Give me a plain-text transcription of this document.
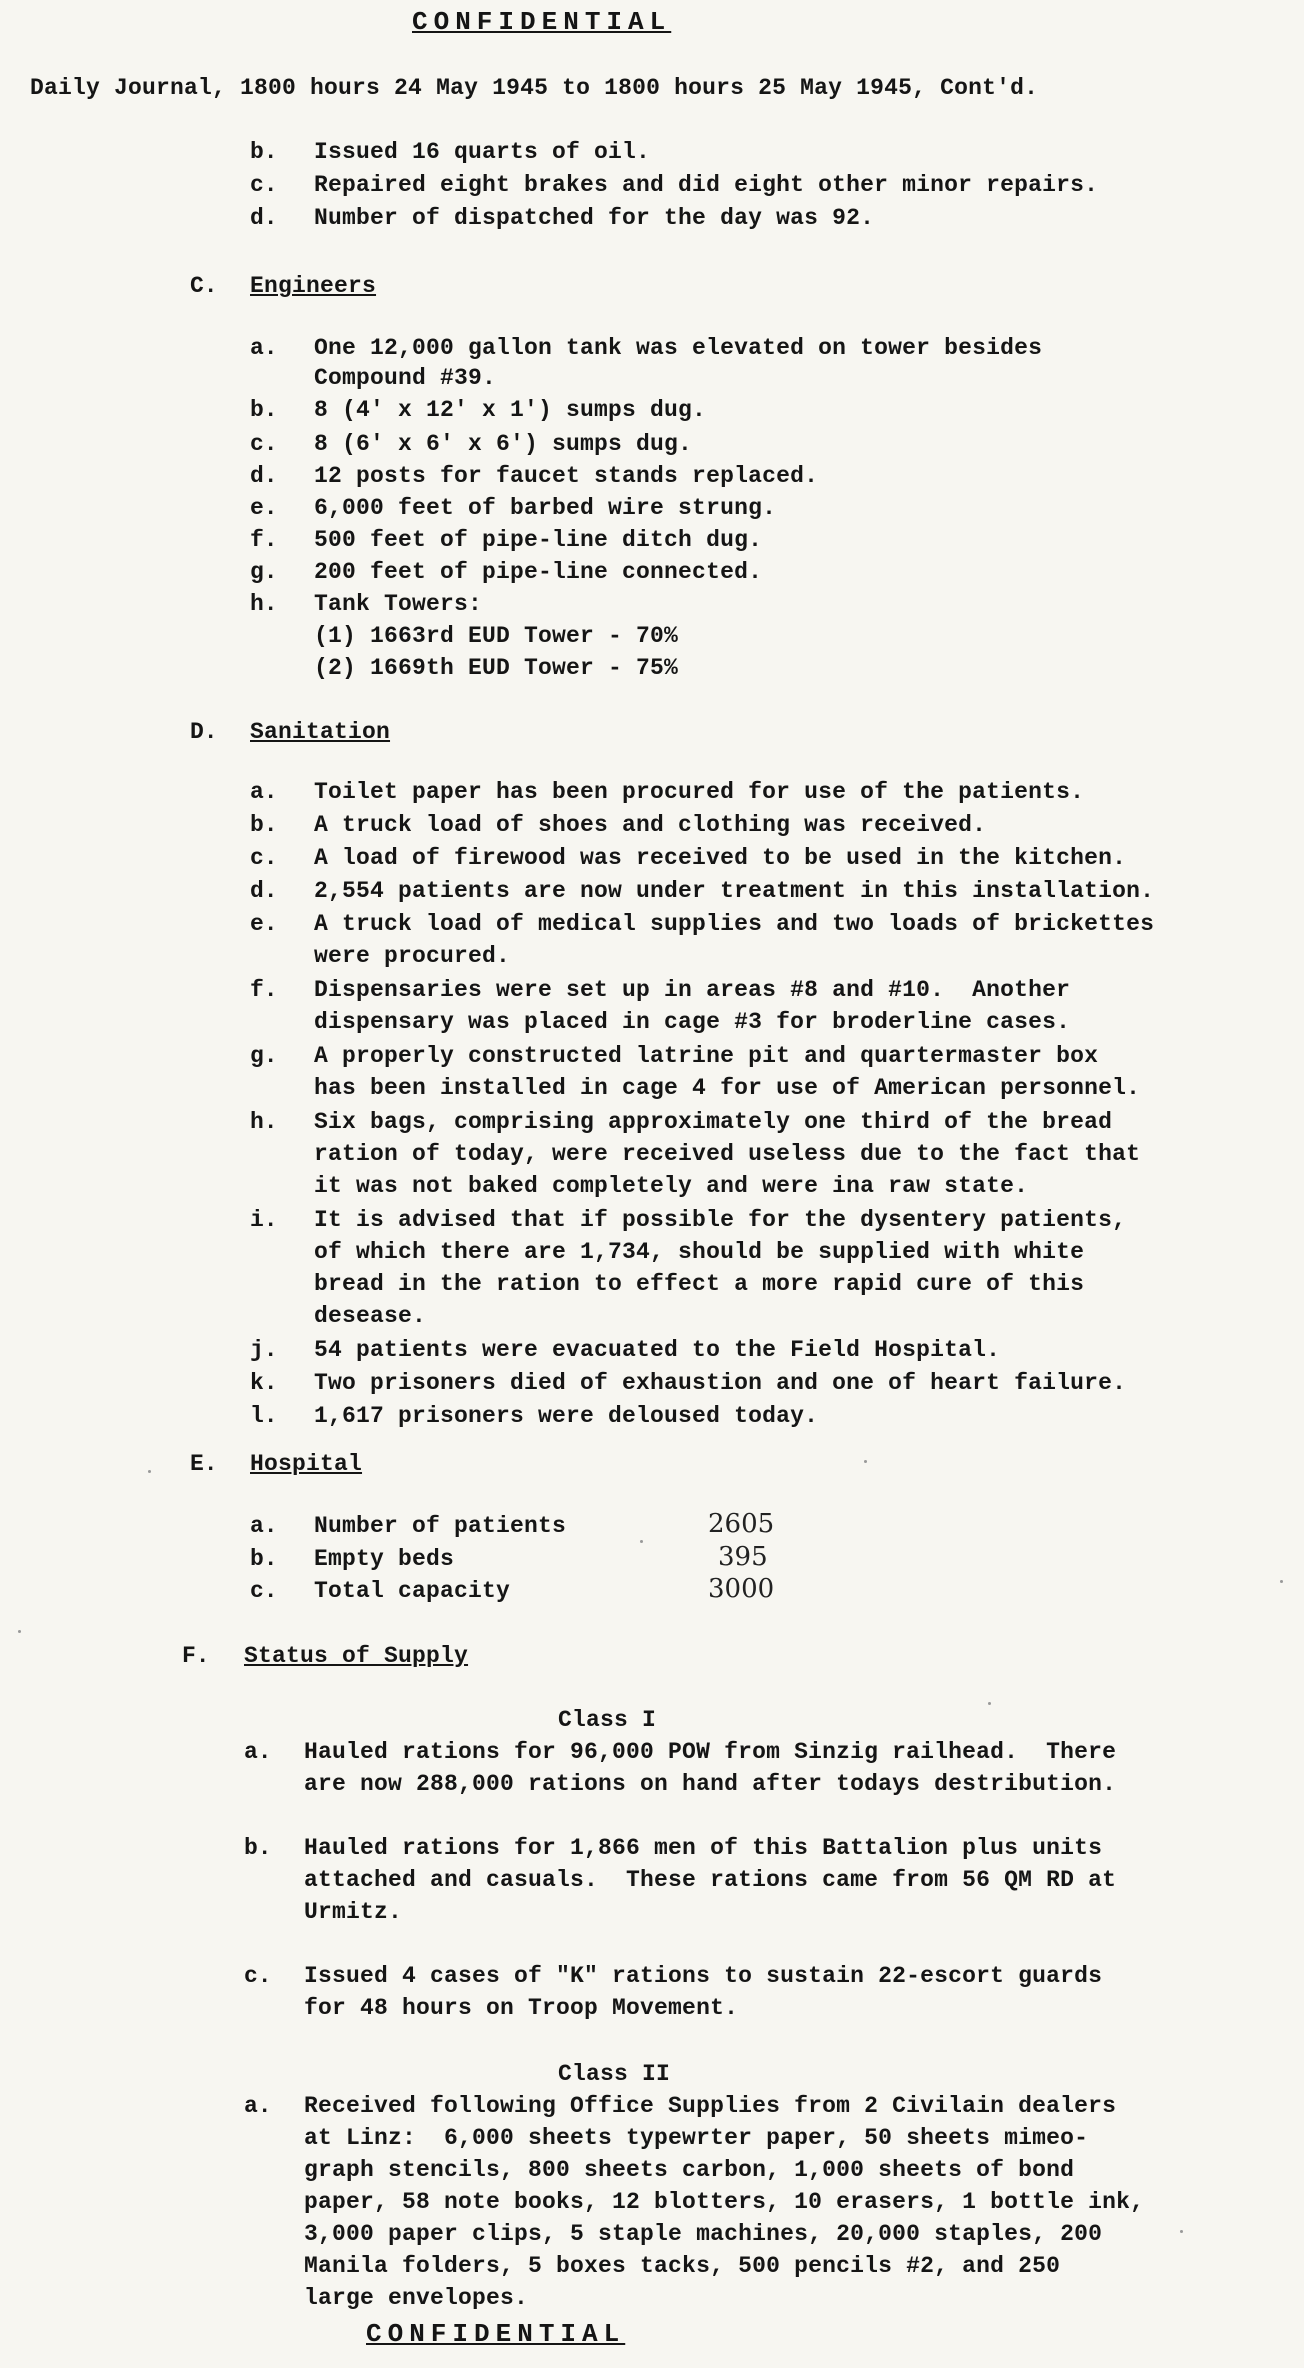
CONFIDENTIAL
Daily Journal, 1800 hours 24 May 1945 to 1800 hours 25 May 1945, Cont'd.
b. Issued 16 quarts of oil.
c. Repaired eight brakes and did eight other minor repairs.
d. Number of dispatched for the day was 92.
C. Engineers
a. One 12,000 gallon tank was elevated on tower besides
Compound #39.
b. 8 (4' x 12' x 1') sumps dug.
c. 8 (6' x 6' x 6') sumps dug.
d. 12 posts for faucet stands replaced.
e. 6,000 feet of barbed wire strung.
f. 500 feet of pipe-line ditch dug.
g. 200 feet of pipe-line connected.
h. Tank Towers:
(1) 1663rd EUD Tower - 70%
(2) 1669th EUD Tower - 75%
D. Sanitation
a. Toilet paper has been procured for use of the patients.
b. A truck load of shoes and clothing was received.
c. A load of firewood was received to be used in the kitchen.
d. 2,554 patients are now under treatment in this installation.
e. A truck load of medical supplies and two loads of brickettes
were procured.
f. Dispensaries were set up in areas #8 and #10.  Another
dispensary was placed in cage #3 for broderline cases.
g. A properly constructed latrine pit and quartermaster box
has been installed in cage 4 for use of American personnel.
h. Six bags, comprising approximately one third of the bread
ration of today, were received useless due to the fact that
it was not baked completely and were ina raw state.
i. It is advised that if possible for the dysentery patients,
of which there are 1,734, should be supplied with white
bread in the ration to effect a more rapid cure of this
desease.
j. 54 patients were evacuated to the Field Hospital.
k. Two prisoners died of exhaustion and one of heart failure.
l. 1,617 prisoners were deloused today.
E. Hospital
a. Number of patients	2605
b. Empty beds	395
c. Total capacity	3000
F. Status of Supply
Class I
a. Hauled rations for 96,000 POW from Sinzig railhead.  There
are now 288,000 rations on hand after todays destribution.
b. Hauled rations for 1,866 men of this Battalion plus units
attached and casuals.  These rations came from 56 QM RD at
Urmitz.
c. Issued 4 cases of "K" rations to sustain 22-escort guards
for 48 hours on Troop Movement.
Class II
a. Received following Office Supplies from 2 Civilain dealers
at Linz:  6,000 sheets typewrter paper, 50 sheets mimeo-
graph stencils, 800 sheets carbon, 1,000 sheets of bond
paper, 58 note books, 12 blotters, 10 erasers, 1 bottle ink,
3,000 paper clips, 5 staple machines, 20,000 staples, 200
Manila folders, 5 boxes tacks, 500 pencils #2, and 250
large envelopes.
CONFIDENTIAL
